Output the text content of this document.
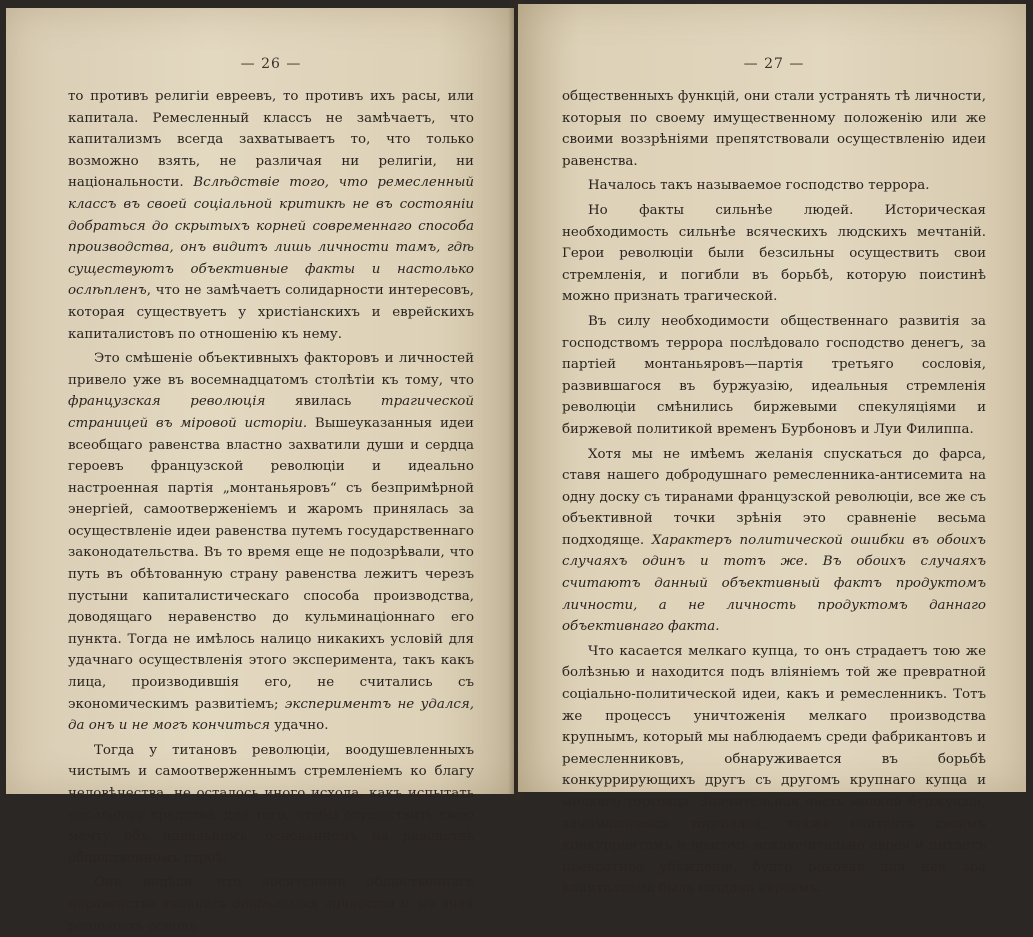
— 26 —

то противъ религіи евреевъ, то противъ ихъ расы, или капитала. Ремесленный классъ не замѣчаетъ, что капитализмъ всегда захватываетъ то, что только возможно взять, не различая ни религіи, ни національности. Вслѣдствіе того, что ремесленный классъ въ своей соціальной критикѣ не въ состояніи добраться до скрытыхъ корней современнаго способа производства, онъ видитъ лишь личности тамъ, гдѣ существуютъ объективные факты и настолько ослѣпленъ, что не замѣчаетъ солидарности интересовъ, которая существуетъ у христіанскихъ и еврейскихъ капиталистовъ по отношенію къ нему.

Это смѣшеніе объективныхъ факторовъ и личностей привело уже въ восемнадцатомъ столѣтіи къ тому, что французская революція явилась трагической страницей въ міровой исторіи. Вышеуказанныя идеи всеобщаго равенства властно захватили души и сердца героевъ французской революціи и идеально настроенная партія „монтаньяровъ“ съ безпримѣрной энергіей, самоотверженіемъ и жаромъ принялась за осуществленіе идеи равенства путемъ государственнаго законодательства. Въ то время еще не подозрѣвали, что путь въ обѣтованную страну равенства лежитъ черезъ пустыни капиталистическаго способа производства, доводящаго неравенство до кульминаціоннаго его пункта. Тогда не имѣлось налицо никакихъ условій для удачнаго осуществленія этого эксперимента, такъ какъ лица, производившія его, не считались съ экономическимъ развитіемъ; экспериментъ не удался, да онъ и не могъ кончиться удачно.

Тогда у титановъ революціи, воодушевленныхъ чистымъ и самоотверженнымъ стремленіемъ ко благу человѣчества, не осталось иного исхода, какъ испытать послѣднее средство, для того, чтобы осуществить свою мечту объ идеальномъ, основанномъ на равенствѣ общественномъ строѣ.

Они видѣли, что носителями общественнаго неравенства являлись отдѣльныя личности и, не зная реальныхъ основъ

— 27 —

общественныхъ функцій, они стали устранять тѣ личности, которыя по своему имущественному положенію или же своими воззрѣніями препятствовали осуществленію идеи равенства.

Началось такъ называемое господство террора.

Но факты сильнѣе людей. Историческая необходимость сильнѣе всяческихъ людскихъ мечтаній. Герои революціи были безсильны осуществить свои стремленія, и погибли въ борьбѣ, которую поистинѣ можно признать трагической.

Въ силу необходимости общественнаго развитія за господствомъ террора послѣдовало господство денегъ, за партіей монтаньяровъ—партія третьяго сословія, развившагося въ буржуазію, идеальныя стремленія революціи смѣнились биржевыми спекуляціями и биржевой политикой временъ Бурбоновъ и Луи Филиппа.

Хотя мы не имѣемъ желанія спускаться до фарса, ставя нашего добродушнаго ремесленника-антисемита на одну доску съ тиранами французской революціи, все же съ объективной точки зрѣнія это сравненіе весьма подходяще. Характеръ политической ошибки въ обоихъ случаяхъ одинъ и тотъ же. Въ обоихъ случаяхъ считаютъ данный объективный фактъ продуктомъ личности, а не личность продуктомъ даннаго объективнаго факта.

Что касается мелкаго купца, то онъ страдаетъ тою же болѣзнью и находится подъ вліяніемъ той же превратной соціально-политической идеи, какъ и ремесленникъ. Тотъ же процессъ уничтоженія мелкаго производства крупнымъ, который мы наблюдаемъ среди фабрикантовъ и ремесленниковъ, обнаруживается въ борьбѣ конкуррирующихъ другъ съ другомъ крупнаго купца и мелкаго торговца. Значительная часть мелкой буржуазіи, занимающаяся торговлей, также считаетъ своимъ конкуррентомъ и врагомъ исключительно еврея и питаетъ превратное убѣжденіе, будто роковая для нея эра капитализма была создана евреемъ.
